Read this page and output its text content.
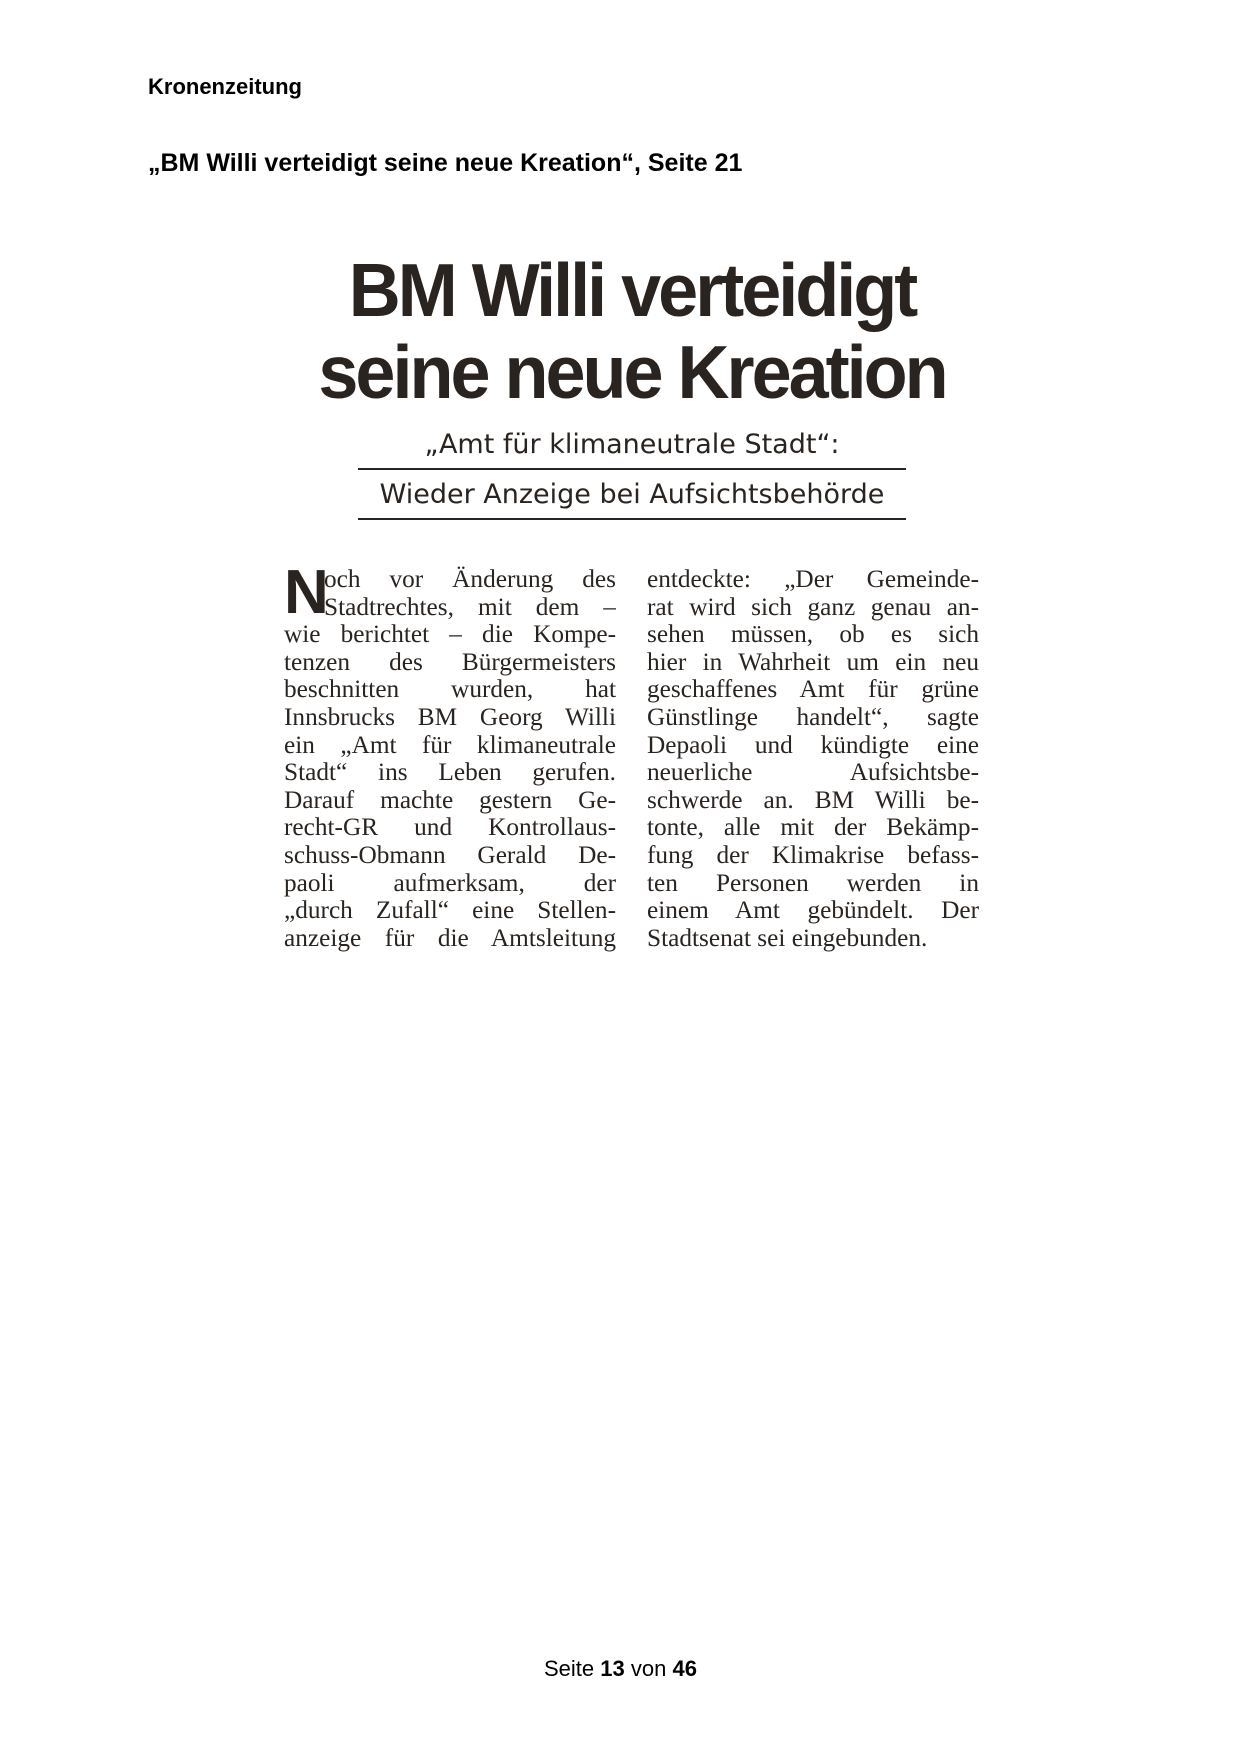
Kronenzeitung
„BM Willi verteidigt seine neue Kreation“, Seite 21
BM Willi verteidigt
seine neue Kreation
„Amt für klimaneutrale Stadt“:
Wieder Anzeige bei Aufsichtsbehörde
N
och vor Änderung des
Stadtrechtes, mit dem –
wie berichtet – die Kompe-
tenzen des Bürgermeisters
beschnitten wurden, hat
Innsbrucks BM Georg Willi
ein „Amt für klimaneutrale
Stadt“ ins Leben gerufen.
Darauf machte gestern Ge-
recht-GR und Kontrollaus-
schuss-Obmann Gerald De-
paoli aufmerksam, der
„durch Zufall“ eine Stellen-
anzeige für die Amtsleitung
entdeckte: „Der Gemeinde-
rat wird sich ganz genau an-
sehen müssen, ob es sich
hier in Wahrheit um ein neu
geschaffenes Amt für grüne
Günstlinge handelt“, sagte
Depaoli und kündigte eine
neuerliche Aufsichtsbe-
schwerde an. BM Willi be-
tonte, alle mit der Bekämp-
fung der Klimakrise befass-
ten Personen werden in
einem Amt gebündelt. Der
Stadtsenat sei eingebunden.
Seite 13 von 46
